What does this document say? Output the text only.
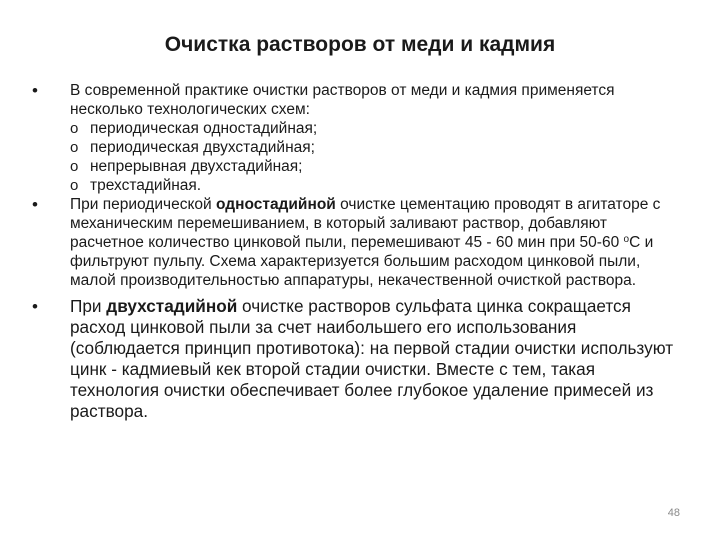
Очистка растворов от меди и кадмия
• В современной практике очистки растворов от меди и кадмия применяется несколько технологических схем:
o периодическая одностадийная;
o периодическая двухстадийная;
o непрерывная двухстадийная;
o трехстадийная.
• При периодической одностадийной очистке цементацию проводят в агитаторе с механическим перемешиванием, в который заливают раствор, добавляют расчетное количество цинковой пыли, перемешивают 45 - 60 мин при 50-60 $^о$С и фильтруют пульпу. Схема характеризуется большим расходом цинковой пыли, малой производительностью аппаратуры, некачественной очисткой раствора.
• При двухстадийной очистке растворов сульфата цинка сокращается расход цинковой пыли за счет наибольшего его использования (соблюдается принцип противотока): на первой стадии очистки используют цинк - кадмиевый кек второй стадии очистки. Вместе с тем, такая технология очистки обеспечивает более глубокое удаление примесей из раствора.
48
